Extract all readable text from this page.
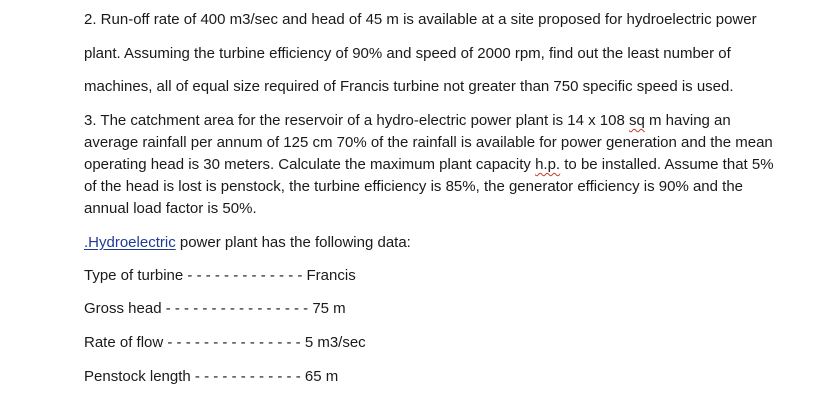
2. Run-off rate of 400 m3/sec and head of 45 m is available at a site proposed for hydroelectric power
plant. Assuming the turbine efficiency of 90% and speed of 2000 rpm, find out the least number of
machines, all of equal size required of Francis turbine not greater than 750 specific speed is used.
3. The catchment area for the reservoir of a hydro-electric power plant is 14 x 108 sq m having an
average rainfall per annum of 125 cm 70% of the rainfall is available for power generation and the mean
operating head is 30 meters. Calculate the maximum plant capacity h.p. to be installed. Assume that 5%
of the head is lost is penstock, the turbine efficiency is 85%, the generator efficiency is 90% and the
annual load factor is 50%.
.Hydroelectric power plant has the following data:
Type of turbine - - - - - - - - - - - - - Francis
Gross head - - - - - - - - - - - - - - - - 75 m
Rate of flow - - - - - - - - - - - - - - - 5 m3/sec
Penstock length - - - - - - - - - - - - 65 m
